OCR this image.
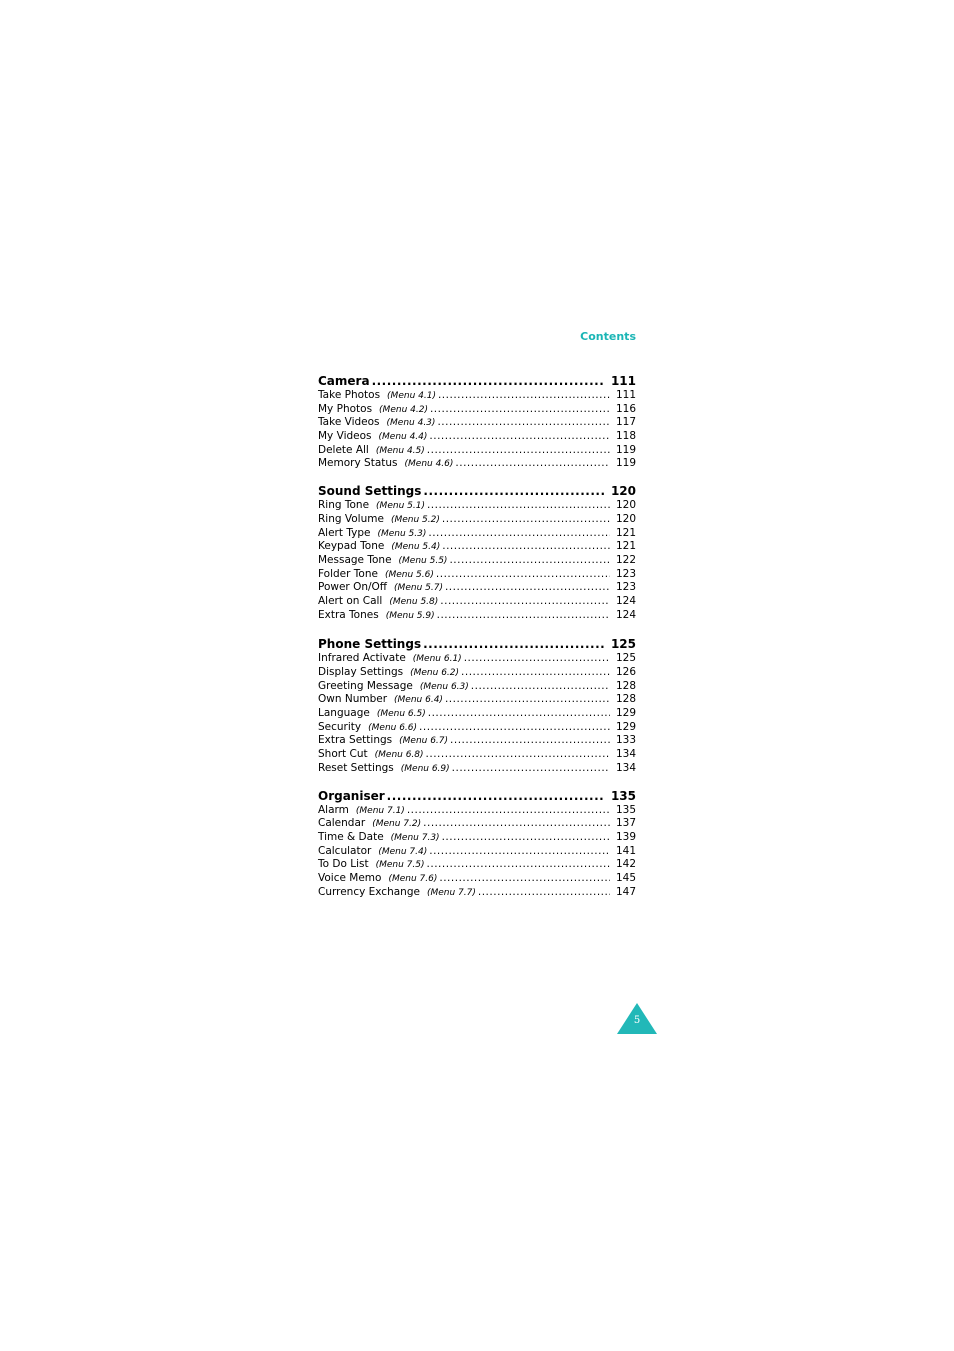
Contents
Camera .....	111
Take Photos (Menu 4.1) .....	111
My Photos (Menu 4.2) .....	116
Take Videos (Menu 4.3) .....	117
My Videos (Menu 4.4) .....	118
Delete All (Menu 4.5) .....	119
Memory Status (Menu 4.6) .....	119
Sound Settings .....	120
Ring Tone (Menu 5.1) .....	120
Ring Volume (Menu 5.2) .....	120
Alert Type (Menu 5.3) .....	121
Keypad Tone (Menu 5.4) .....	121
Message Tone (Menu 5.5) .....	122
Folder Tone (Menu 5.6) .....	123
Power On/Off (Menu 5.7) .....	123
Alert on Call (Menu 5.8) .....	124
Extra Tones (Menu 5.9) .....	124
Phone Settings .....	125
Infrared Activate (Menu 6.1) .....	125
Display Settings (Menu 6.2) .....	126
Greeting Message (Menu 6.3) .....	128
Own Number (Menu 6.4) .....	128
Language (Menu 6.5) .....	129
Security (Menu 6.6) .....	129
Extra Settings (Menu 6.7) .....	133
Short Cut (Menu 6.8) .....	134
Reset Settings (Menu 6.9) .....	134
Organiser .....	135
Alarm (Menu 7.1) .....	135
Calendar (Menu 7.2) .....	137
Time & Date (Menu 7.3) .....	139
Calculator (Menu 7.4) .....	141
To Do List (Menu 7.5) .....	142
Voice Memo (Menu 7.6) .....	145
Currency Exchange (Menu 7.7) .....	147
5
